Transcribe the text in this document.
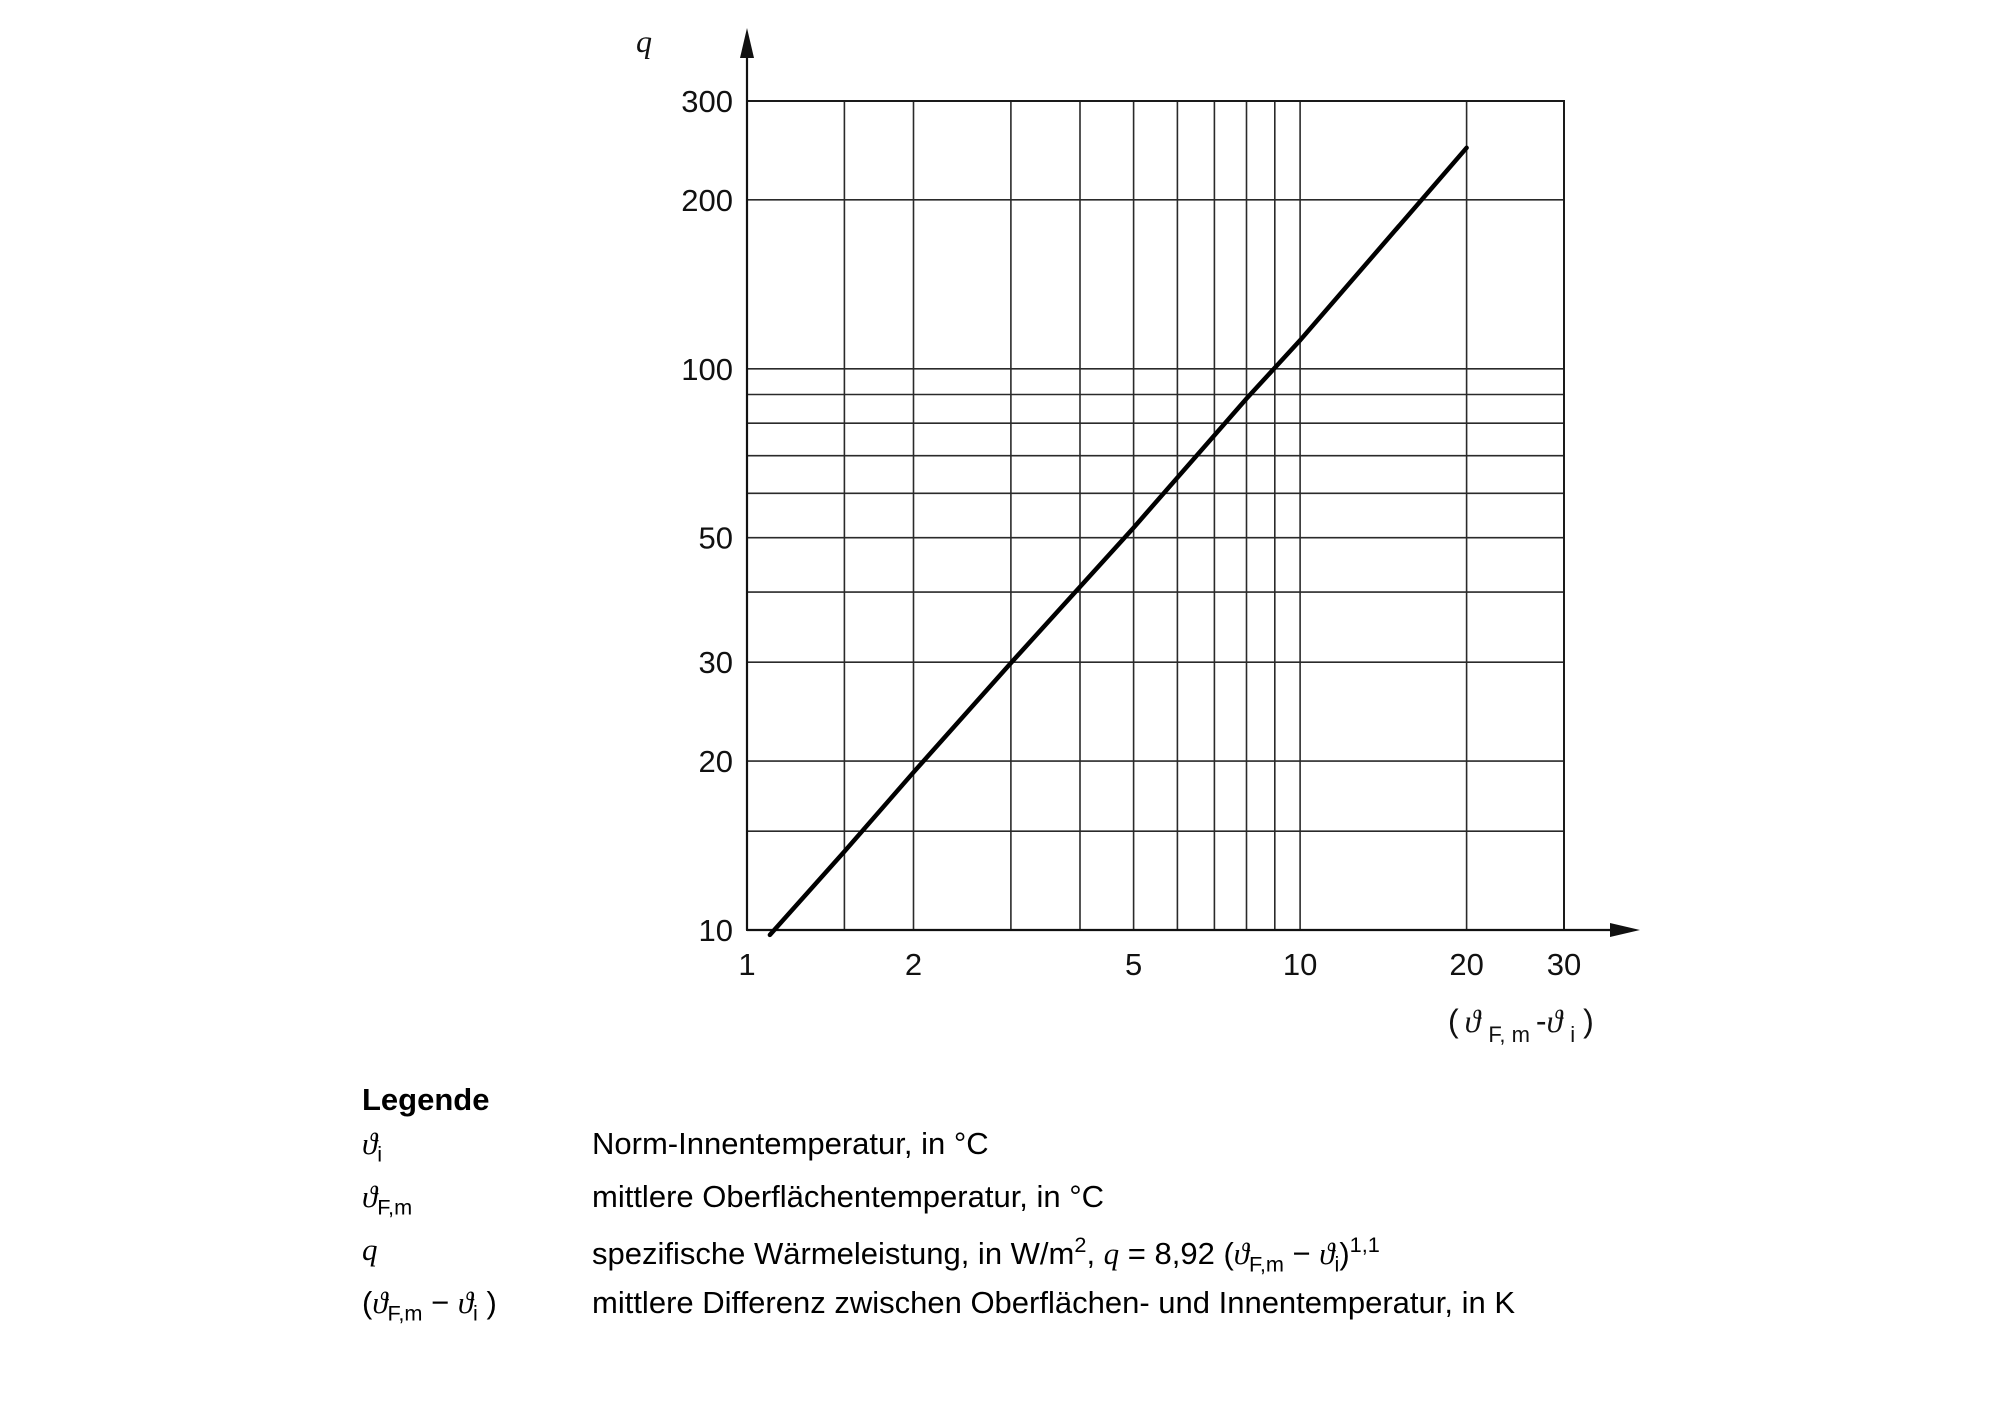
1	2	5	10	20 30
10
20
30
50
100
200
300
q
( ϑ $_{F, m}$ -ϑ $_i$ )
Legende
$ϑ_i$	Norm-Innentemperatur, in °C
$ϑ_{F,m}$	mittlere Oberflächentemperatur, in °C
q	spezifische Wärmeleistung, in $W/m^2$, q = 8,92 $(ϑ_{F,m} - ϑ_i)^{1,1}$
($ϑ_{F,m} - ϑ_i$ )	mittlere Differenz zwischen Oberflächen- und Innentemperatur, in K
